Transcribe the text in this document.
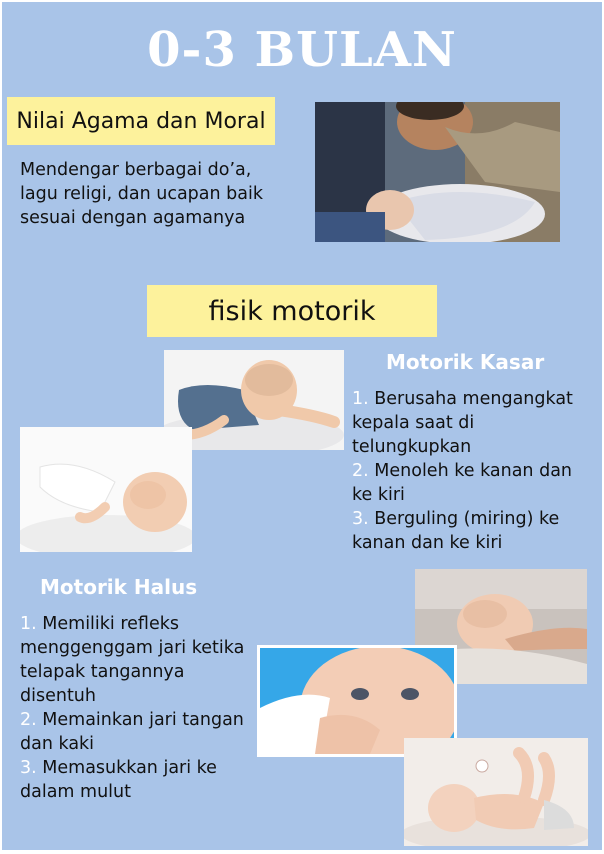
0-3 BULAN
Nilai Agama dan Moral
Mendengar berbagai do’a, lagu religi, dan ucapan baik sesuai dengan agamanya
fisik motorik
Motorik Kasar
1. Berusaha mengangkat kepala saat di telungkupkan
2. Menoleh ke kanan dan ke kiri
3. Berguling (miring) ke kanan dan ke kiri
Motorik Halus
1. Memiliki refleks menggenggam jari ketika telapak tangannya disentuh
2. Memainkan jari tangan dan kaki
3. Memasukkan jari ke dalam mulut
